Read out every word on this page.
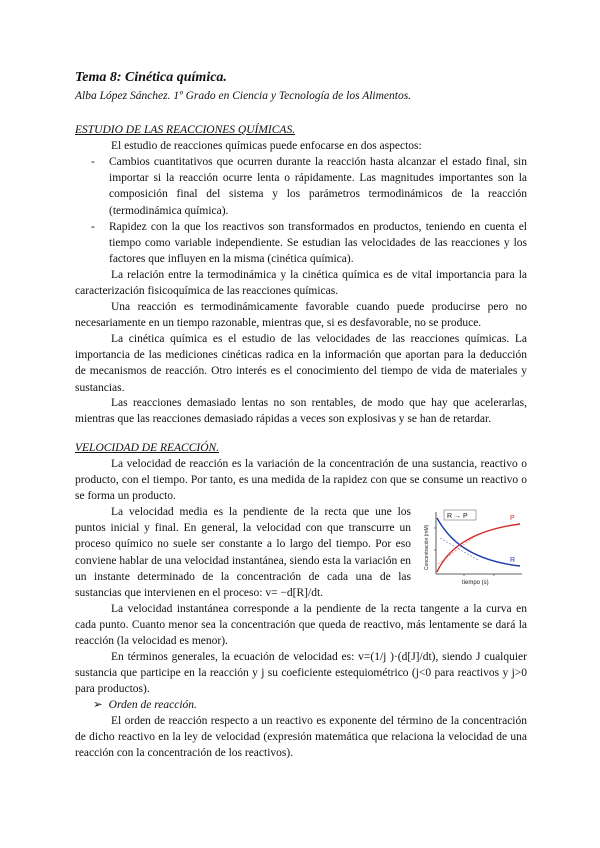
Tema 8: Cinética química.
Alba López Sánchez. 1º Grado en Ciencia y Tecnología de los Alimentos.
ESTUDIO DE LAS REACCIONES QUÍMICAS.
El estudio de reacciones químicas puede enfocarse en dos aspectos:
- Cambios cuantitativos que ocurren durante la reacción hasta alcanzar el estado final, sin importar si la reacción ocurre lenta o rápidamente. Las magnitudes importantes son la composición final del sistema y los parámetros termodinámicos de la reacción (termodinámica química).
- Rapidez con la que los reactivos son transformados en productos, teniendo en cuenta el tiempo como variable independiente. Se estudian las velocidades de las reacciones y los factores que influyen en la misma (cinética química).

La relación entre la termodinámica y la cinética química es de vital importancia para la caracterización fisicoquímica de las reacciones químicas.

Una reacción es termodinámicamente favorable cuando puede producirse pero no necesariamente en un tiempo razonable, mientras que, si es desfavorable, no se produce.

La cinética química es el estudio de las velocidades de las reacciones químicas. La importancia de las mediciones cinéticas radica en la información que aportan para la deducción de mecanismos de reacción. Otro interés es el conocimiento del tiempo de vida de materiales y sustancias.

Las reacciones demasiado lentas no son rentables, de modo que hay que acelerarlas, mientras que las reacciones demasiado rápidas a veces son explosivas y se han de retardar.

VELOCIDAD DE REACCIÓN.

La velocidad de reacción es la variación de la concentración de una sustancia, reactivo o producto, con el tiempo. Por tanto, es una medida de la rapidez con que se consume un reactivo o se forma un producto.

La velocidad media es la pendiente de la recta que une los puntos inicial y final. En general, la velocidad con que transcurre un proceso químico no suele ser constante a lo largo del tiempo. Por eso conviene hablar de una velocidad instantánea, siendo esta la variación en un instante determinado de la concentración de cada una de las sustancias que intervienen en el proceso: v= −d[R]/dt.

R → P	P
R
tiempo (s)
Concentración (mM)

La velocidad instantánea corresponde a la pendiente de la recta tangente a la curva en cada punto. Cuanto menor sea la concentración que queda de reactivo, más lentamente se dará la reacción (la velocidad es menor).

En términos generales, la ecuación de velocidad es: v=(1/j )·(d[J]/dt), siendo J cualquier sustancia que participe en la reacción y j su coeficiente estequiométrico (j<0 para reactivos y j>0 para productos).

➢ Orden de reacción.

El orden de reacción respecto a un reactivo es exponente del término de la concentración de dicho reactivo en la ley de velocidad (expresión matemática que relaciona la velocidad de una reacción con la concentración de los reactivos).
